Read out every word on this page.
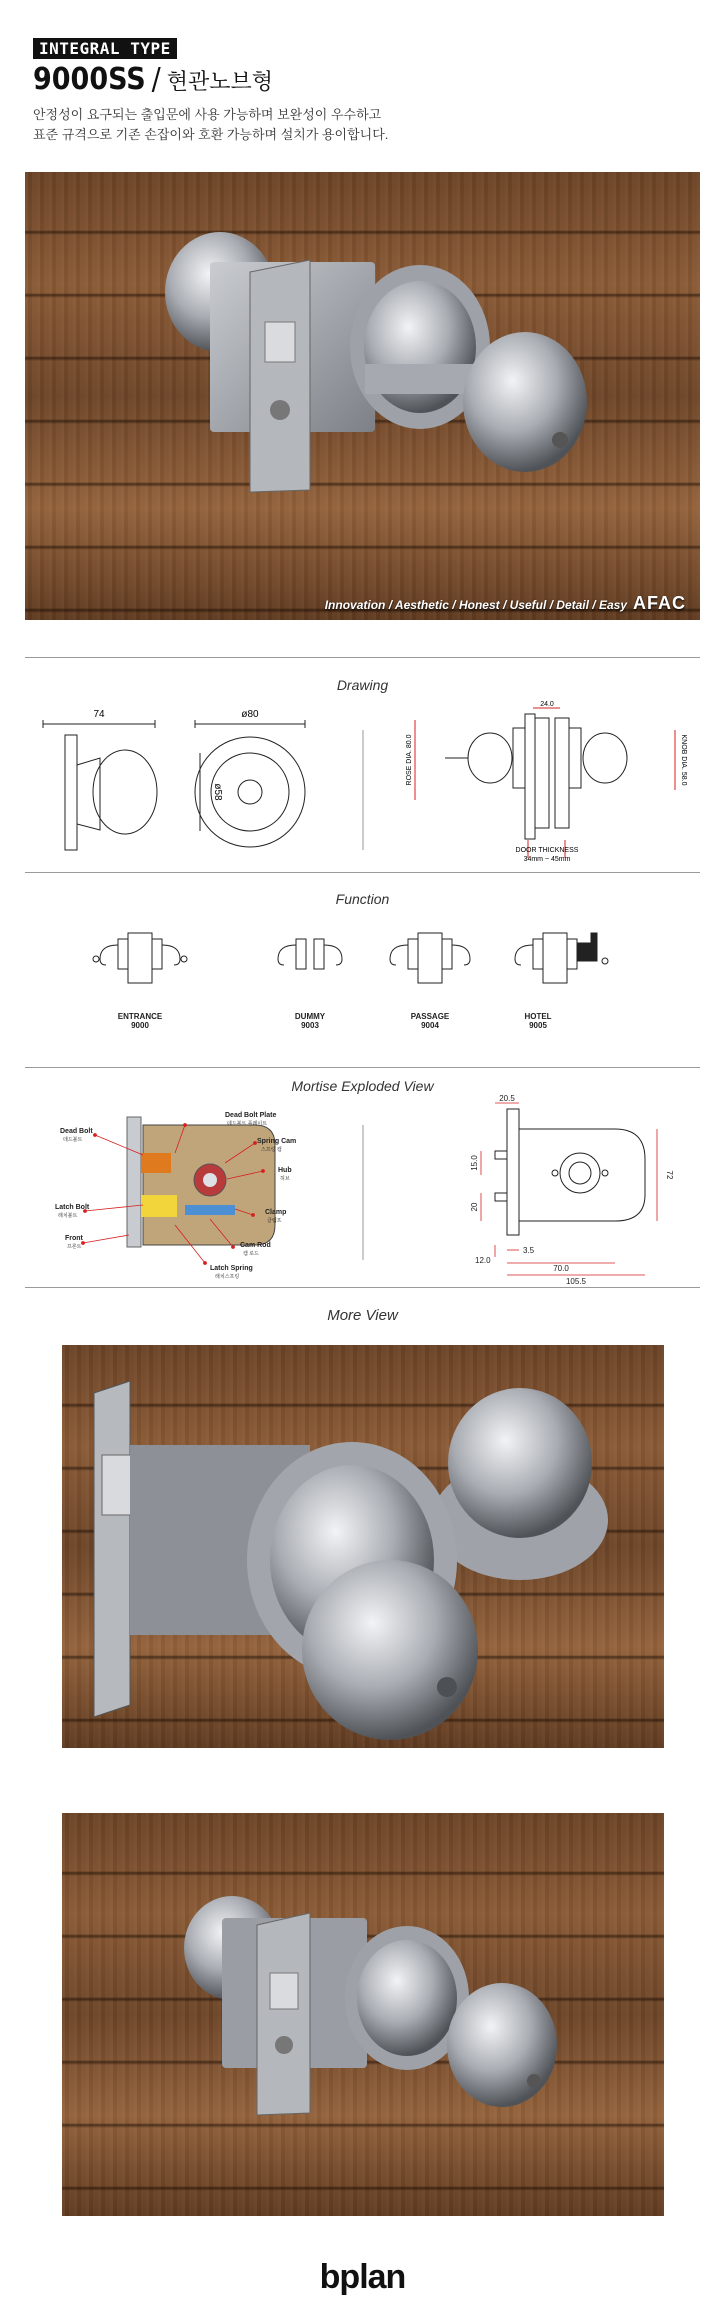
INTEGRAL TYPE
9000SS / 현관노브형
안정성이 요구되는 출입문에 사용 가능하며 보완성이 우수하고
표준 규격으로 기존 손잡이와 호환 가능하며 설치가 용이합니다.
Innovation / Aesthetic / Honest / Useful / Detail / Easy AFAC
Drawing
74	ø80
ø58
24.0
ROSE DIA. 80.0	KNOB DIA. 58.0
DOOR THICKNESS
34mm ~ 45mm
Function
ENTRANCE
9000
DUMMY
9003
PASSAGE
9004
HOTEL
9005
Mortise Exploded View
Dead Bolt
데드볼트
Dead Bolt Plate
데드볼트 플레이트
Spring Cam
스프링 캠
Hub
허브
Latch Bolt
래치볼트	Clamp
클램프
Front
프론트	Cam Rod
캠 로드
Latch Spring
래치스프링
20.5
15.0
20
72
3.5
12.0
70.0
105.5
More View
bplan
